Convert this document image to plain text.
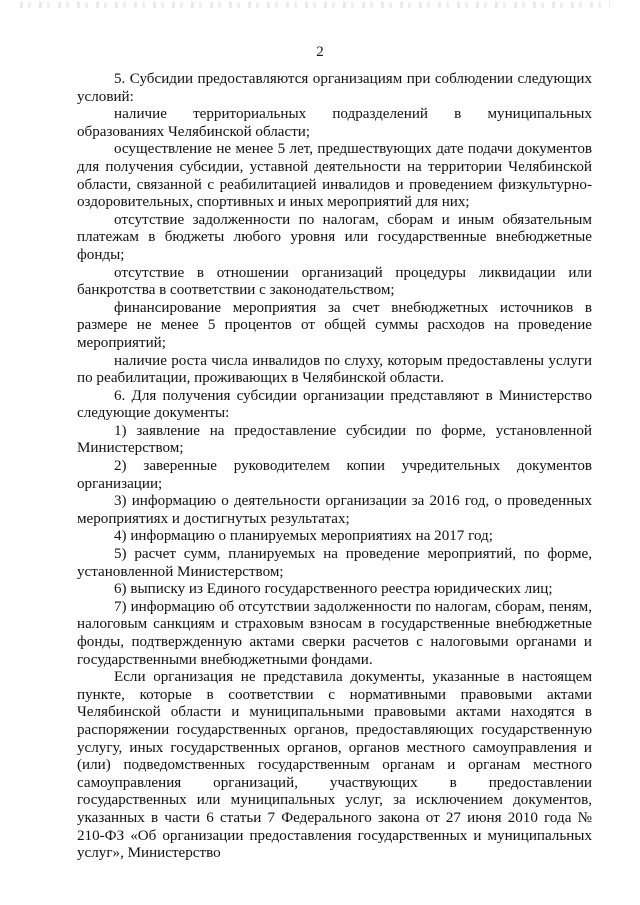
2

5. Субсидии предоставляются организациям при соблюдении следующих условий:

наличие территориальных подразделений в муниципальных образованиях Челябинской области;

осуществление не менее 5 лет, предшествующих дате подачи документов для получения субсидии, уставной деятельности на территории Челябинской области, связанной с реабилитацией инвалидов и проведением физкультурно-оздоровительных, спортивных и иных мероприятий для них;

отсутствие задолженности по налогам, сборам и иным обязательным платежам в бюджеты любого уровня или государственные внебюджетные фонды;

отсутствие в отношении организаций процедуры ликвидации или банкротства в соответствии с законодательством;

финансирование мероприятия за счет внебюджетных источников в размере не менее 5 процентов от общей суммы расходов на проведение мероприятий;

наличие роста числа инвалидов по слуху, которым предоставлены услуги по реабилитации, проживающих в Челябинской области.

6. Для получения субсидии организации представляют в Министерство следующие документы:

1) заявление на предоставление субсидии по форме, установленной Министерством;

2) заверенные руководителем копии учредительных документов организации;

3) информацию о деятельности организации за 2016 год, о проведенных мероприятиях и достигнутых результатах;

4) информацию о планируемых мероприятиях на 2017 год;

5) расчет сумм, планируемых на проведение мероприятий, по форме, установленной Министерством;

6) выписку из Единого государственного реестра юридических лиц;

7) информацию об отсутствии задолженности по налогам, сборам, пеням, налоговым санкциям и страховым взносам в государственные внебюджетные фонды, подтвержденную актами сверки расчетов с налоговыми органами и государственными внебюджетными фондами.

Если организация не представила документы, указанные в настоящем пункте, которые в соответствии с нормативными правовыми актами Челябинской области и муниципальными правовыми актами находятся в распоряжении государственных органов, предоставляющих государственную услугу, иных государственных органов, органов местного самоуправления и (или) подведомственных государственным органам и органам местного самоуправления организаций, участвующих в предоставлении государственных или муниципальных услуг, за исключением документов, указанных в части 6 статьи 7 Федерального закона от 27 июня 2010 года № 210-ФЗ «Об организации предоставления государственных и муниципальных услуг», Министерство
